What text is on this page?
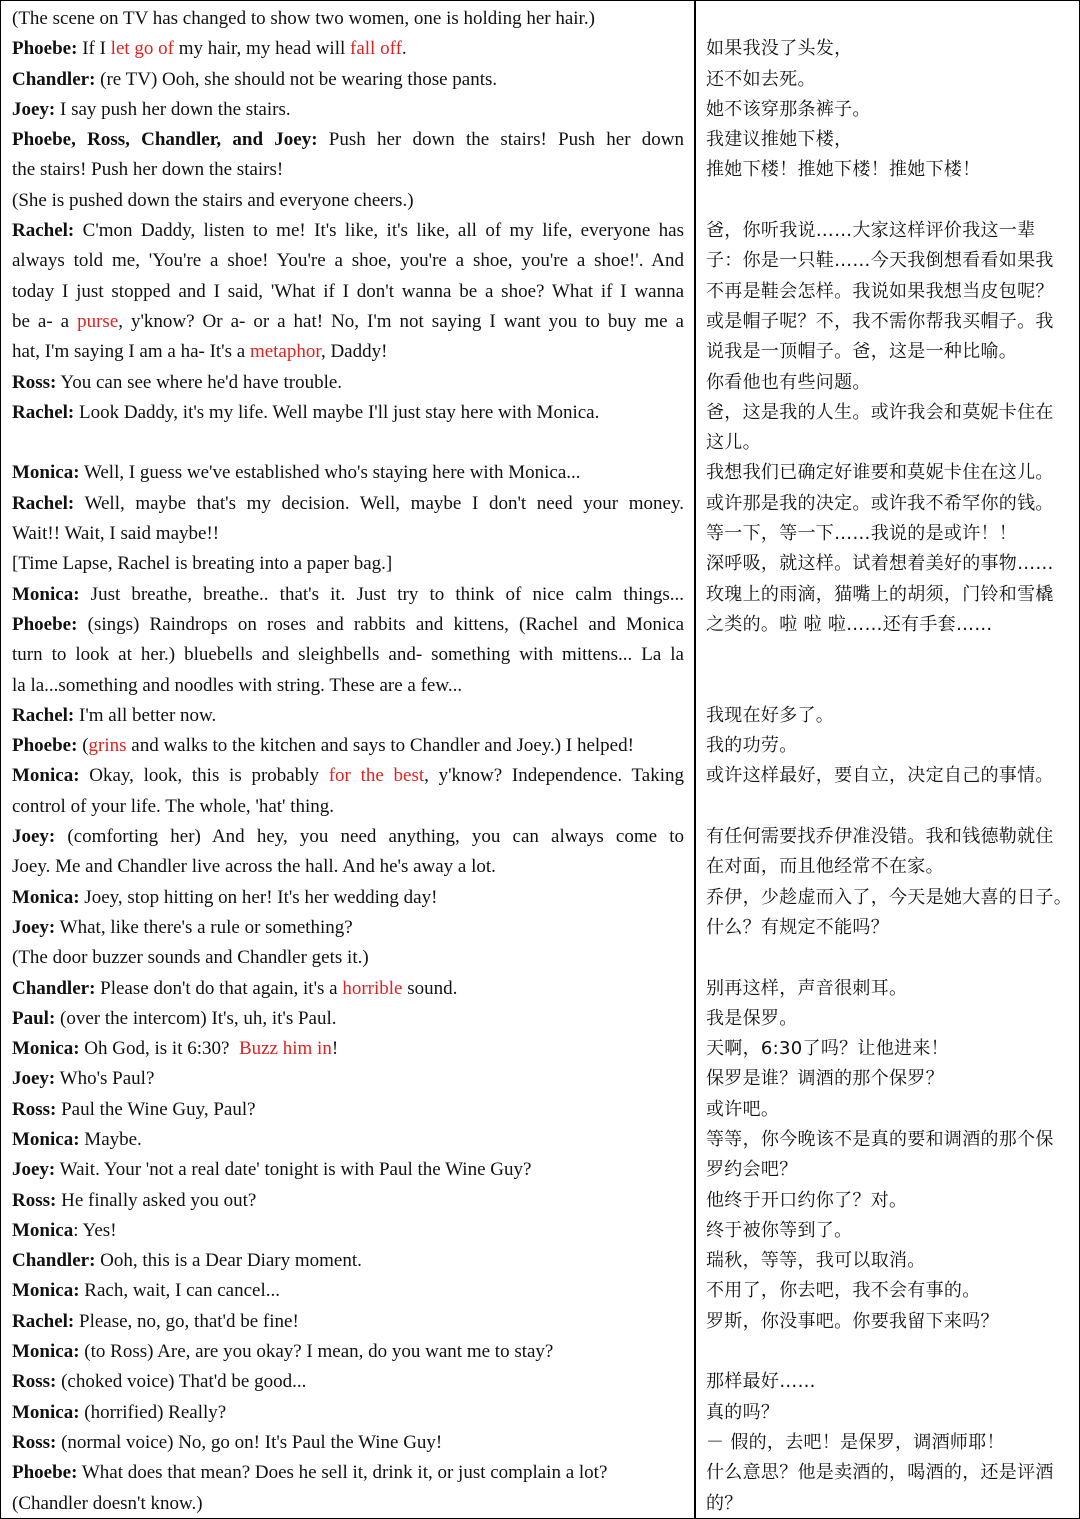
(The scene on TV has changed to show two women, one is holding her hair.)
Phoebe: If I let go of my hair, my head will fall off.
Chandler: (re TV) Ooh, she should not be wearing those pants.
Joey: I say push her down the stairs.
Phoebe, Ross, Chandler, and Joey: Push her down the stairs! Push her down
the stairs! Push her down the stairs!
(She is pushed down the stairs and everyone cheers.)
Rachel: C'mon Daddy, listen to me! It's like, it's like, all of my life, everyone has
always told me, 'You're a shoe! You're a shoe, you're a shoe, you're a shoe!'. And
today I just stopped and I said, 'What if I don't wanna be a shoe? What if I wanna
be a- a purse, y'know? Or a- or a hat! No, I'm not saying I want you to buy me a
hat, I'm saying I am a ha- It's a metaphor, Daddy!
Ross: You can see where he'd have trouble.
Rachel: Look Daddy, it's my life. Well maybe I'll just stay here with Monica.
Monica: Well, I guess we've established who's staying here with Monica...
Rachel: Well, maybe that's my decision. Well, maybe I don't need your money.
Wait!! Wait, I said maybe!!
[Time Lapse, Rachel is breating into a paper bag.]
Monica: Just breathe, breathe.. that's it. Just try to think of nice calm things...
Phoebe: (sings) Raindrops on roses and rabbits and kittens, (Rachel and Monica
turn to look at her.) bluebells and sleighbells and- something with mittens... La la
la la...something and noodles with string. These are a few...
Rachel: I'm all better now.
Phoebe: (grins and walks to the kitchen and says to Chandler and Joey.) I helped!
Monica: Okay, look, this is probably for the best, y'know? Independence. Taking
control of your life. The whole, 'hat' thing.
Joey: (comforting her) And hey, you need anything, you can always come to
Joey. Me and Chandler live across the hall. And he's away a lot.
Monica: Joey, stop hitting on her! It's her wedding day!
Joey: What, like there's a rule or something?
(The door buzzer sounds and Chandler gets it.)
Chandler: Please don't do that again, it's a horrible sound.
Paul: (over the intercom) It's, uh, it's Paul.
Monica: Oh God, is it 6:30?  Buzz him in!
Joey: Who's Paul?
Ross: Paul the Wine Guy, Paul?
Monica: Maybe.
Joey: Wait. Your 'not a real date' tonight is with Paul the Wine Guy?
Ross: He finally asked you out?
Monica: Yes!
Chandler: Ooh, this is a Dear Diary moment.
Monica: Rach, wait, I can cancel...
Rachel: Please, no, go, that'd be fine!
Monica: (to Ross) Are, are you okay? I mean, do you want me to stay?
Ross: (choked voice) That'd be good...
Monica: (horrified) Really?
Ross: (normal voice) No, go on! It's Paul the Wine Guy!
Phoebe: What does that mean? Does he sell it, drink it, or just complain a lot?
(Chandler doesn't know.)
如果我没了头发，
还不如去死。
她不该穿那条裤子。
我建议推她下楼，
推她下楼！推她下楼！推她下楼！
爸，你听我说……大家这样评价我这一辈
子：你是一只鞋……今天我倒想看看如果我
不再是鞋会怎样。我说如果我想当皮包呢？
或是帽子呢？不，我不需你帮我买帽子。我
说我是一顶帽子。爸，这是一种比喻。
你看他也有些问题。
爸，这是我的人生。或许我会和莫妮卡住在
这儿。
我想我们已确定好谁要和莫妮卡住在这儿。
或许那是我的决定。或许我不希罕你的钱。
等一下，等一下……我说的是或许！！
深呼吸，就这样。试着想着美好的事物……
玫瑰上的雨滴，猫嘴上的胡须，门铃和雪橇
之类的。啦 啦 啦……还有手套……
我现在好多了。
我的功劳。
或许这样最好，要自立，决定自己的事情。
有任何需要找乔伊准没错。我和钱德勒就住
在对面，而且他经常不在家。
乔伊，少趁虚而入了，今天是她大喜的日子。
什么？有规定不能吗？
别再这样，声音很刺耳。
我是保罗。
天啊，6:30了吗？让他进来！
保罗是谁？调酒的那个保罗？
或许吧。
等等，你今晚该不是真的要和调酒的那个保
罗约会吧？
他终于开口约你了？对。
终于被你等到了。
瑞秋，等等，我可以取消。
不用了，你去吧，我不会有事的。
罗斯，你没事吧。你要我留下来吗？
那样最好……
真的吗？
－ 假的，去吧！是保罗，调酒师耶！
什么意思？他是卖酒的，喝酒的，还是评酒
的？
